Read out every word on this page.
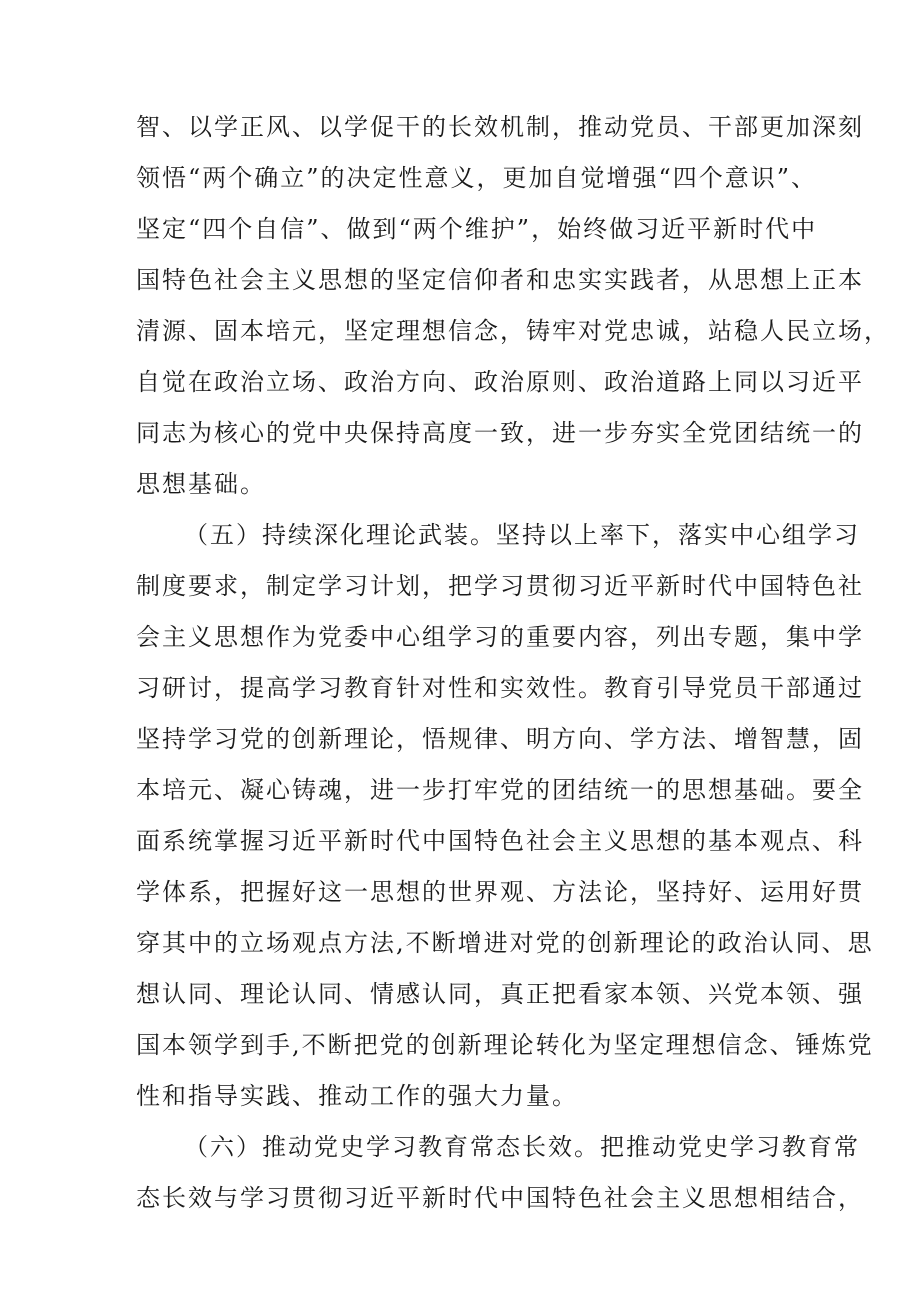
智、以学正风、以学促干的长效机制，推动党员、干部更加深刻
领悟“两个确立”的决定性意义，更加自觉增强“四个意识”、
坚定“四个自信”、做到“两个维护”，始终做习近平新时代中
国特色社会主义思想的坚定信仰者和忠实实践者，从思想上正本
清源、固本培元，坚定理想信念，铸牢对党忠诚，站稳人民立场，
自觉在政治立场、政治方向、政治原则、政治道路上同以习近平
同志为核心的党中央保持高度一致，进一步夯实全党团结统一的
思想基础。
（五）持续深化理论武装。坚持以上率下，落实中心组学习
制度要求，制定学习计划，把学习贯彻习近平新时代中国特色社
会主义思想作为党委中心组学习的重要内容，列出专题，集中学
习研讨，提高学习教育针对性和实效性。教育引导党员干部通过
坚持学习党的创新理论，悟规律、明方向、学方法、增智慧，固
本培元、凝心铸魂，进一步打牢党的团结统一的思想基础。要全
面系统掌握习近平新时代中国特色社会主义思想的基本观点、科
学体系，把握好这一思想的世界观、方法论，坚持好、运用好贯
穿其中的立场观点方法,不断增进对党的创新理论的政治认同、思
想认同、理论认同、情感认同，真正把看家本领、兴党本领、强
国本领学到手,不断把党的创新理论转化为坚定理想信念、锤炼党
性和指导实践、推动工作的强大力量。
（六）推动党史学习教育常态长效。把推动党史学习教育常
态长效与学习贯彻习近平新时代中国特色社会主义思想相结合，
